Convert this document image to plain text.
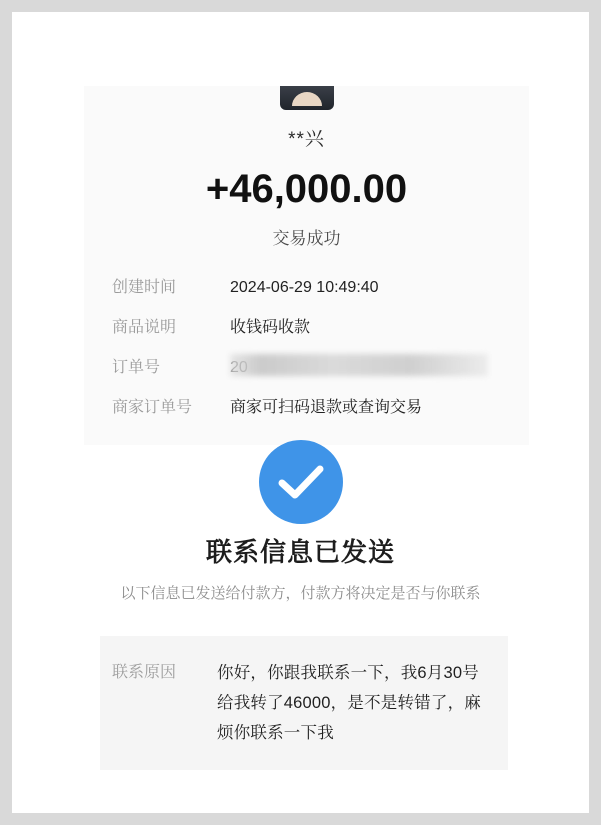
**兴
+46,000.00
交易成功
创建时间	2024-06-29 10:49:40
商品说明	收钱码收款
订单号
商家订单号	商家可扫码退款或查询交易
联系信息已发送
以下信息已发送给付款方，付款方将决定是否与你联系
联系原因	你好，你跟我联系一下，我6月30号给我转了46000，是不是转错了，麻烦你联系一下我
